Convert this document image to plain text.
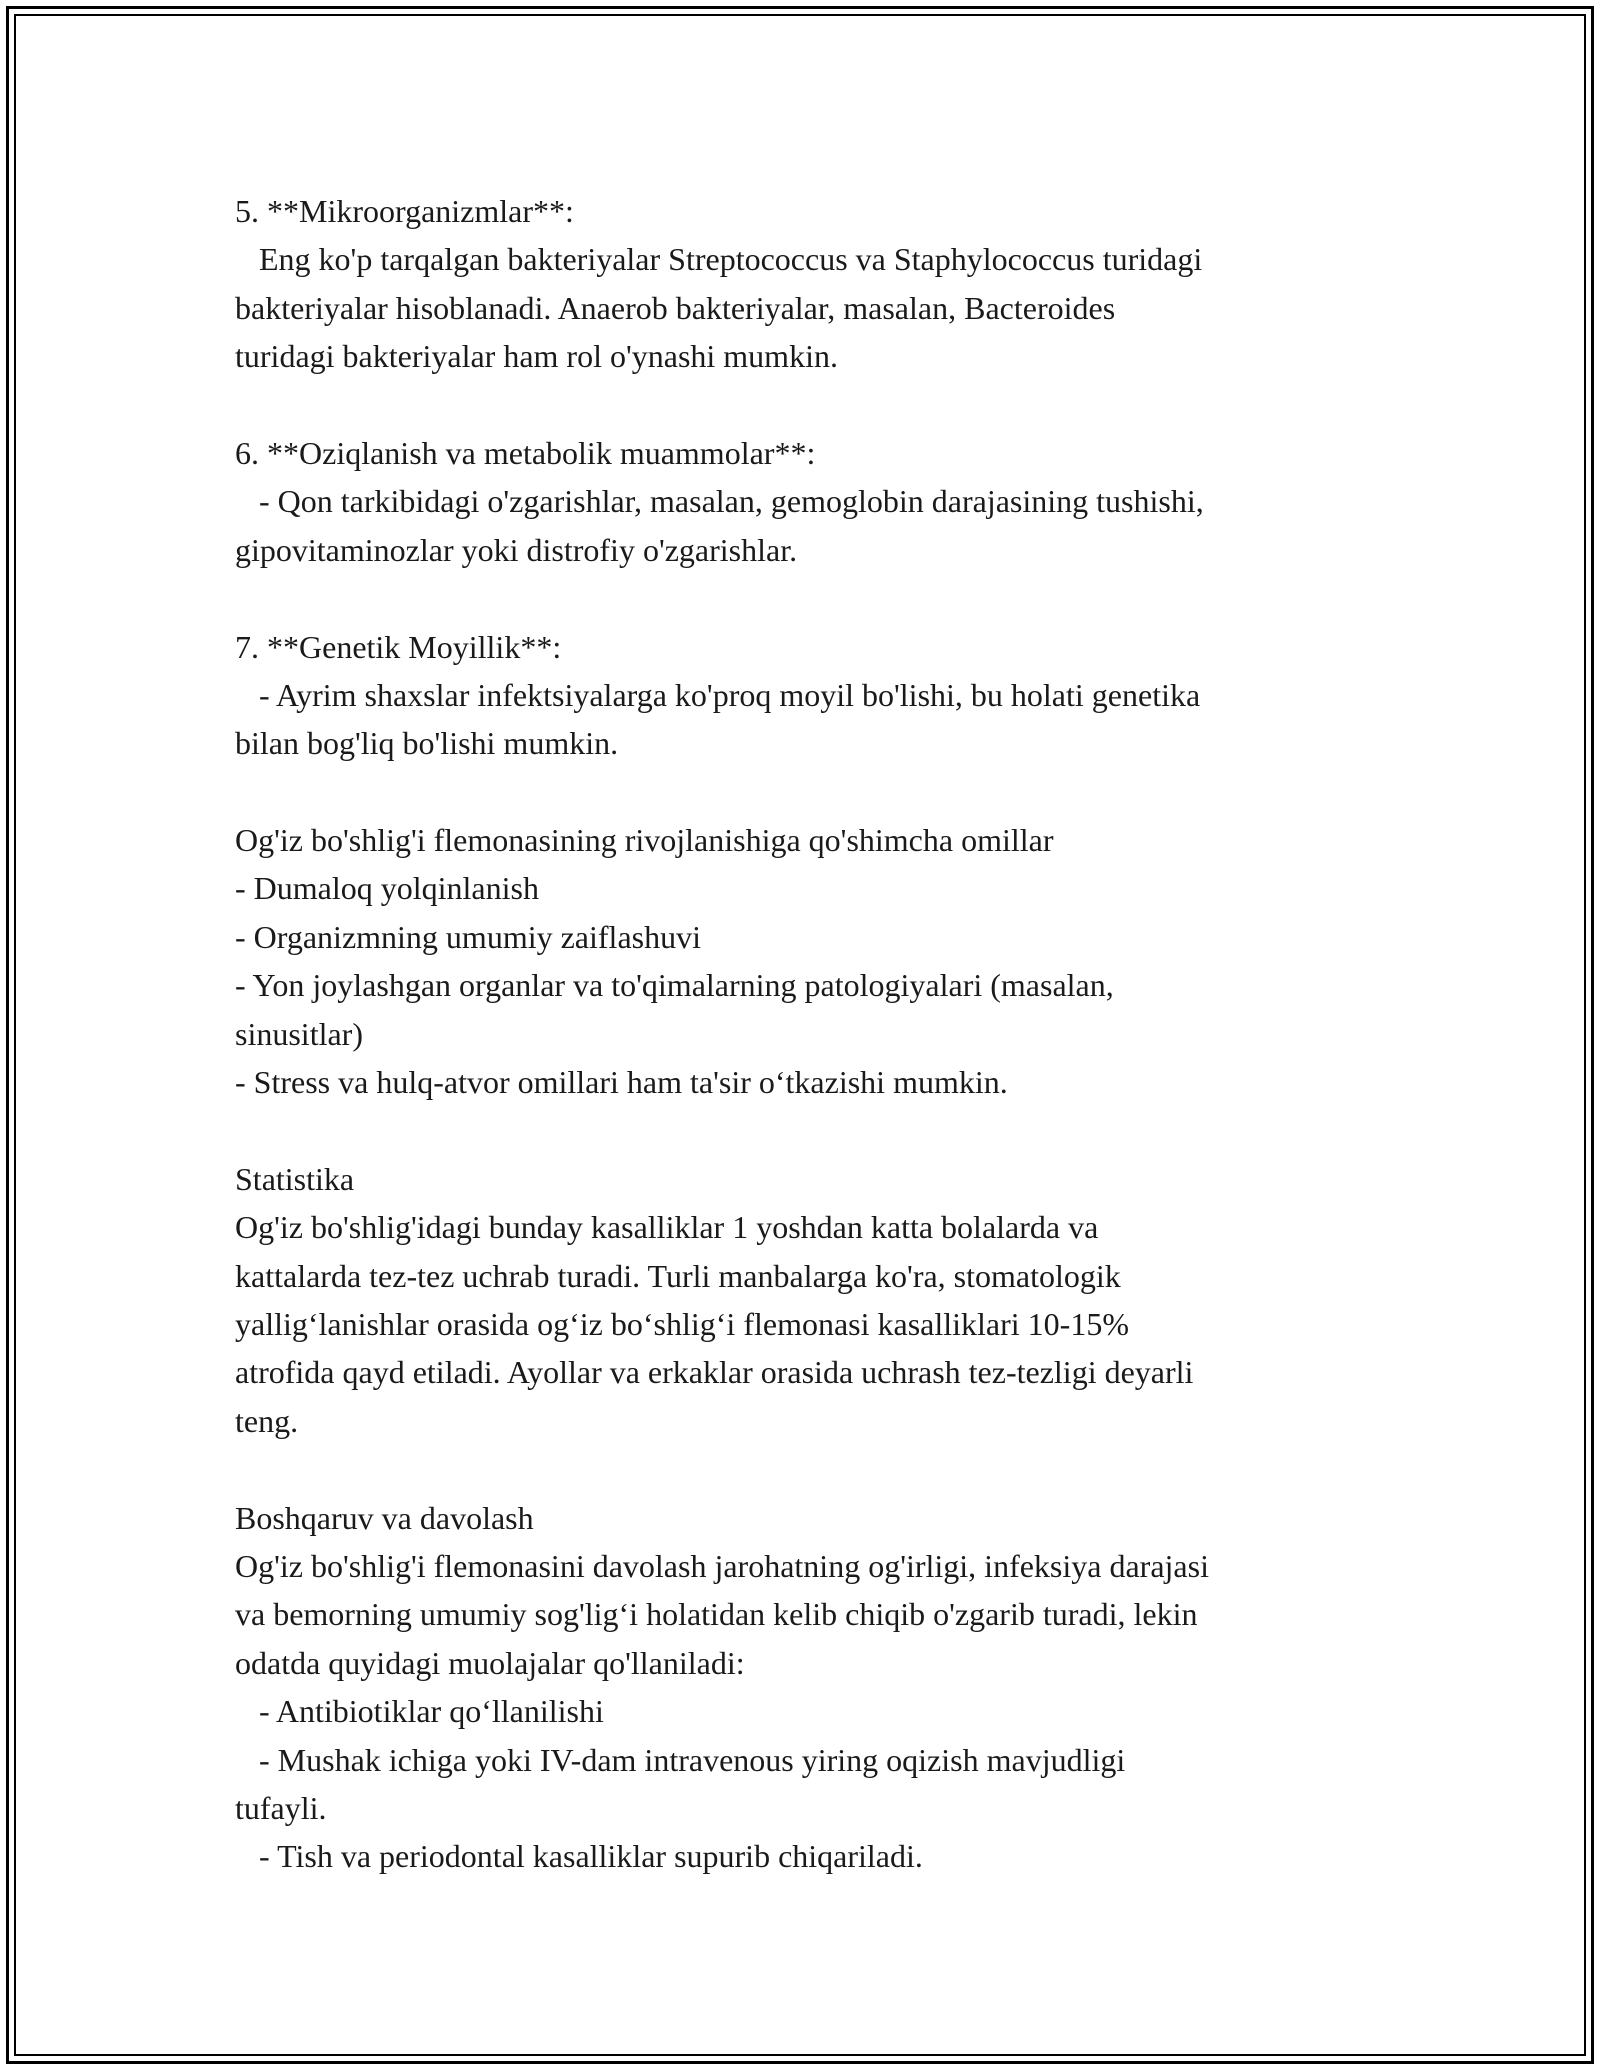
5. **Mikroorganizmlar**:
Eng ko'p tarqalgan bakteriyalar Streptococcus va Staphylococcus turidagi
bakteriyalar hisoblanadi. Anaerob bakteriyalar, masalan, Bacteroides
turidagi bakteriyalar ham rol o'ynashi mumkin.
6. **Oziqlanish va metabolik muammolar**:
- Qon tarkibidagi o'zgarishlar, masalan, gemoglobin darajasining tushishi,
gipovitaminozlar yoki distrofiy o'zgarishlar.
7. **Genetik Moyillik**:
- Ayrim shaxslar infektsiyalarga ko'proq moyil bo'lishi, bu holati genetika
bilan bog'liq bo'lishi mumkin.
Og'iz bo'shlig'i flemonasining rivojlanishiga qo'shimcha omillar
- Dumaloq yolqinlanish
- Organizmning umumiy zaiflashuvi
- Yon joylashgan organlar va to'qimalarning patologiyalari (masalan,
sinusitlar)
- Stress va hulq-atvor omillari ham ta'sir o‘tkazishi mumkin.
Statistika
Og'iz bo'shlig'idagi bunday kasalliklar 1 yoshdan katta bolalarda va
kattalarda tez-tez uchrab turadi. Turli manbalarga ko'ra, stomatologik
yallig‘lanishlar orasida og‘iz bo‘shlig‘i flemonasi kasalliklari 10-15%
atrofida qayd etiladi. Ayollar va erkaklar orasida uchrash tez-tezligi deyarli
teng.
Boshqaruv va davolash
Og'iz bo'shlig'i flemonasini davolash jarohatning og'irligi, infeksiya darajasi
va bemorning umumiy sog'lig‘i holatidan kelib chiqib o'zgarib turadi, lekin
odatda quyidagi muolajalar qo'llaniladi:
- Antibiotiklar qo‘llanilishi
- Mushak ichiga yoki IV-dam intravenous yiring oqizish mavjudligi
tufayli.
- Tish va periodontal kasalliklar supurib chiqariladi.
